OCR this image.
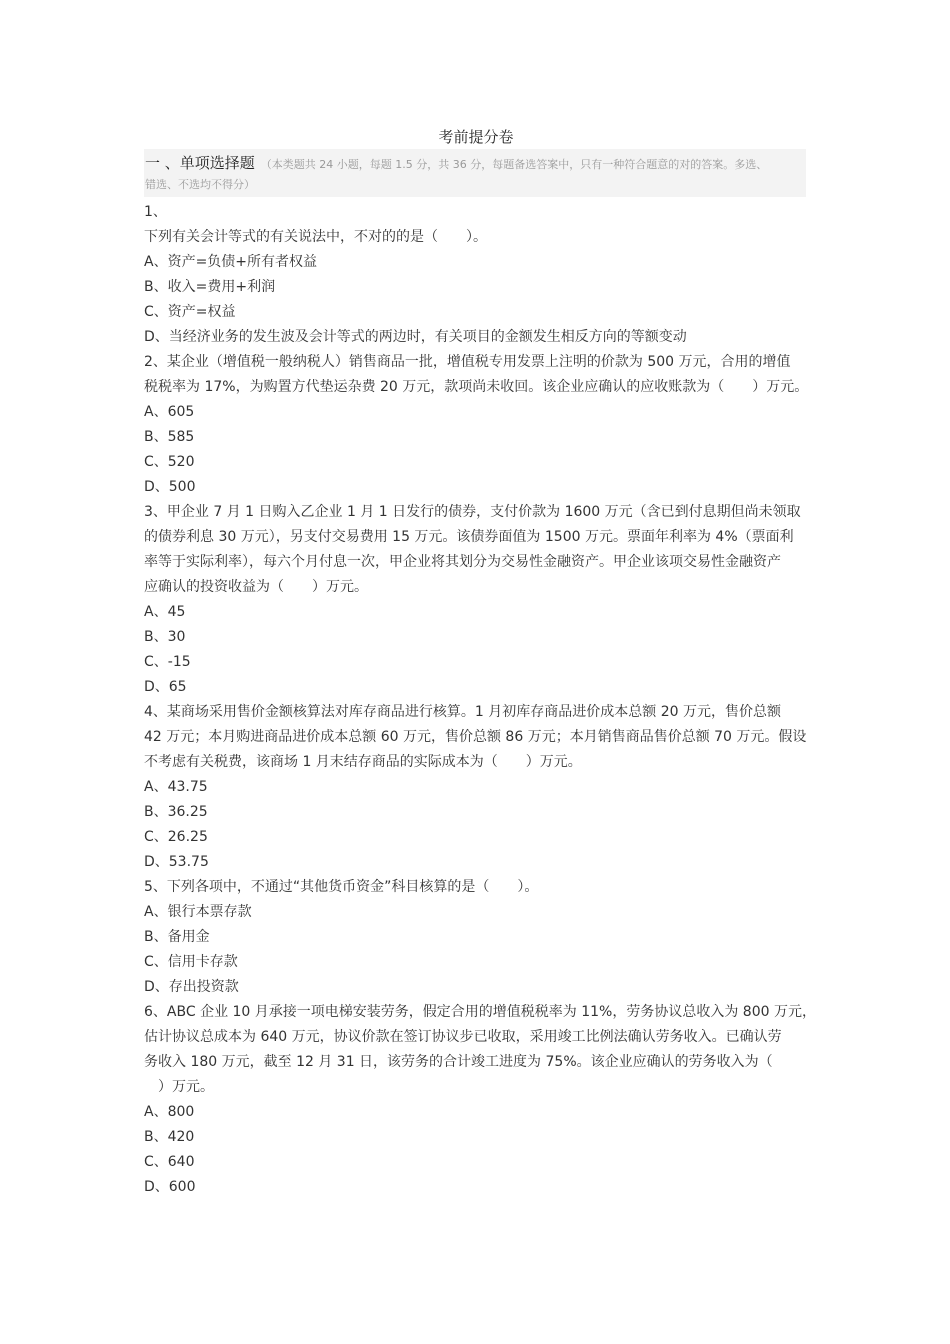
考前提分卷
一 、单项选择题 （本类题共 24 小题，每题 1.5 分，共 36 分，每题备选答案中，只有一种符合题意的对的答案。多选、
错选、不选均不得分）

1、

下列有关会计等式的有关说法中，不对的的是（　　）。

A、资产=负债+所有者权益

B、收入=费用+利润

C、资产=权益

D、当经济业务的发生波及会计等式的两边时，有关项目的金额发生相反方向的等额变动

2、某企业（增值税一般纳税人）销售商品一批，增值税专用发票上注明的价款为 500 万元，合用的增值

税税率为 17%，为购置方代垫运杂费 20 万元，款项尚未收回。该企业应确认的应收账款为（　　）万元。

A、605

B、585

C、520

D、500

3、甲企业 7 月 1 日购入乙企业 1 月 1 日发行的债券，支付价款为 1600 万元（含已到付息期但尚未领取

的债券利息 30 万元），另支付交易费用 15 万元。该债券面值为 1500 万元。票面年利率为 4%（票面利

率等于实际利率），每六个月付息一次，甲企业将其划分为交易性金融资产。甲企业该项交易性金融资产

应确认的投资收益为（　　）万元。

A、45

B、30

C、-15

D、65

4、某商场采用售价金额核算法对库存商品进行核算。1 月初库存商品进价成本总额 20 万元，售价总额

42 万元；本月购进商品进价成本总额 60 万元，售价总额 86 万元；本月销售商品售价总额 70 万元。假设

不考虑有关税费，该商场 1 月末结存商品的实际成本为（　　）万元。

A、43.75

B、36.25

C、26.25

D、53.75

5、下列各项中，不通过“其他货币资金”科目核算的是（　　）。

A、银行本票存款

B、备用金

C、信用卡存款

D、存出投资款

6、ABC 企业 10 月承接一项电梯安装劳务，假定合用的增值税税率为 11%，劳务协议总收入为 800 万元，

估计协议总成本为 640 万元，协议价款在签订协议步已收取，采用竣工比例法确认劳务收入。已确认劳

务收入 180 万元，截至 12 月 31 日，该劳务的合计竣工进度为 75%。该企业应确认的劳务收入为（

　）万元。

A、800

B、420

C、640

D、600
